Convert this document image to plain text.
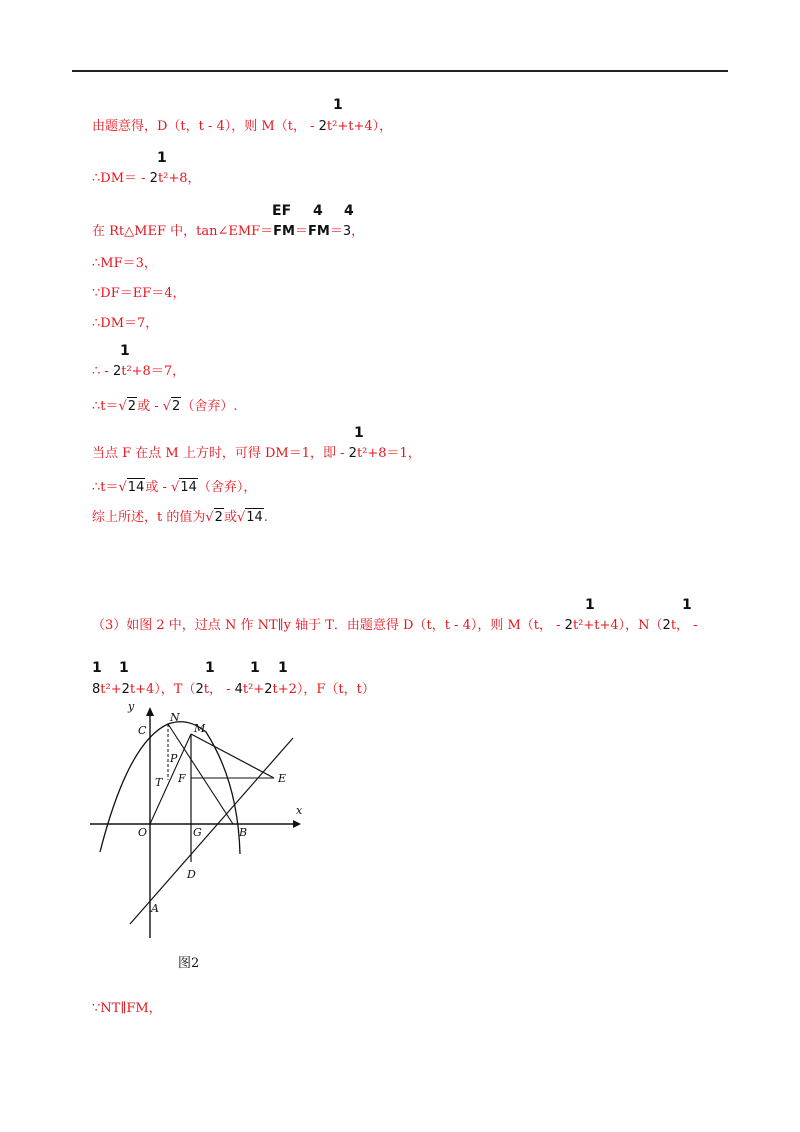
1
由题意得，D（t，t - 4），则 M（t， - 2t²+t+4），
1
∴DM＝ - 2t²+8，
EF 4 4
在 Rt△MEF 中，tan∠EMF＝FM＝FM＝3，
∴MF＝3，
∵DF＝EF＝4，
∴DM＝7，
1
∴ - 2t²+8＝7，
∴t＝√2或 - √2（舍弃）.
1
当点 F 在点 M 上方时，可得 DM＝1，即 - 2t²+8＝1，
∴t＝√14或 - √14（舍弃），
综上所述，t 的值为√2或√14.
1	1
（3）如图 2 中，过点 N 作 NT∥y 轴于 T．由题意得 D（t，t - 4），则 M（t， - 2t²+t+4），N（2t， -
1 1	1	1 1
8t²+2t+4），T（2t， - 4t²+2t+2），F（t，t）
y
x
C
N
M
P
T F	E
O	G	B
D
A
图2
∵NT∥FM，
